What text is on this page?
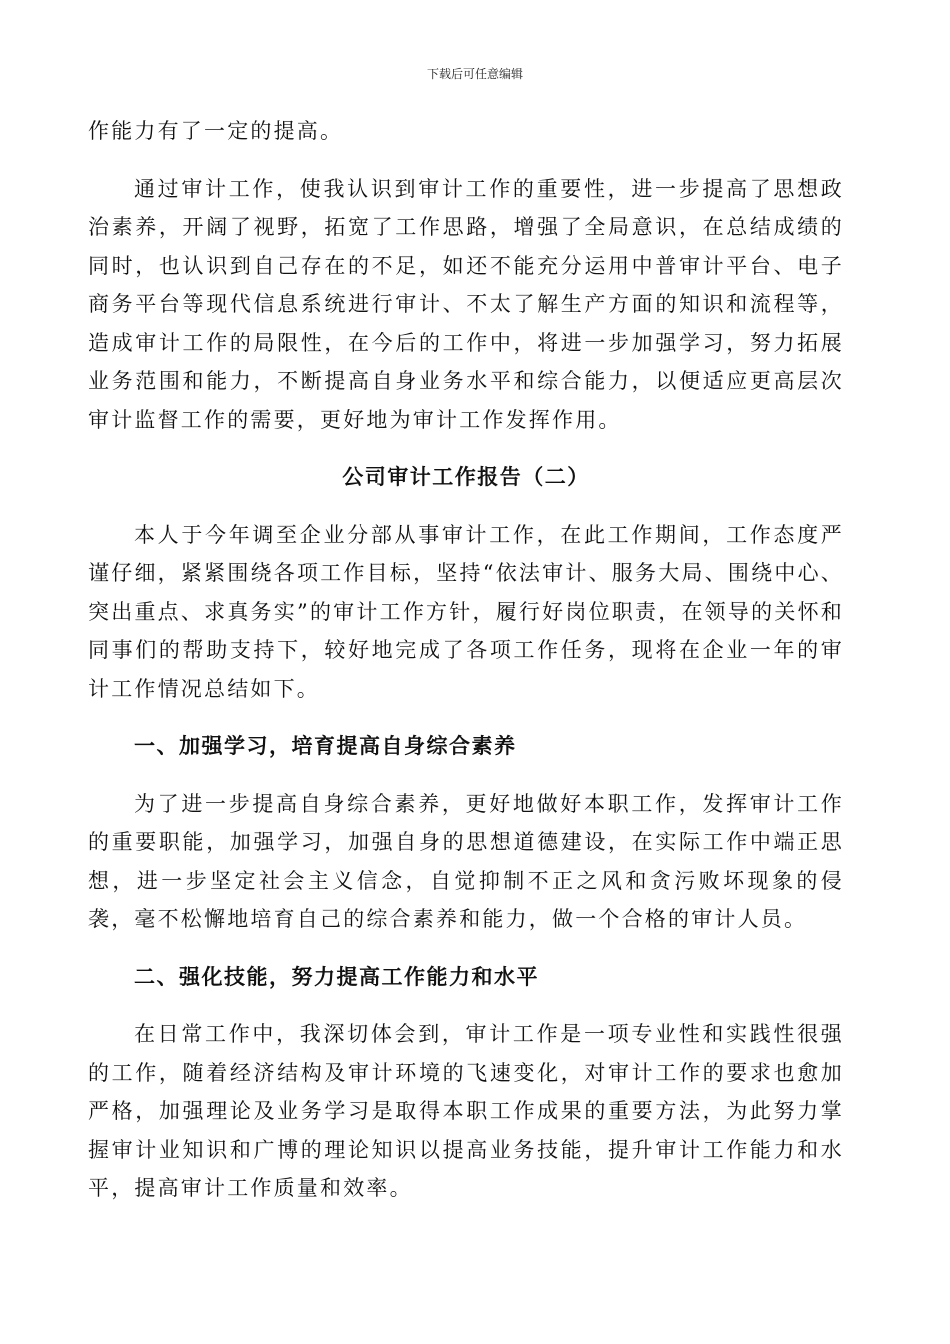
下载后可任意编辑

作能力有了一定的提高。

通过审计工作，使我认识到审计工作的重要性，进一步提高了思想政治素养，开阔了视野，拓宽了工作思路，增强了全局意识，在总结成绩的同时，也认识到自己存在的不足，如还不能充分运用中普审计平台、电子商务平台等现代信息系统进行审计、不太了解生产方面的知识和流程等，造成审计工作的局限性，在今后的工作中，将进一步加强学习，努力拓展业务范围和能力，不断提高自身业务水平和综合能力，以便适应更高层次审计监督工作的需要，更好地为审计工作发挥作用。

公司审计工作报告（二）

本人于今年调至企业分部从事审计工作，在此工作期间，工作态度严谨仔细，紧紧围绕各项工作目标，坚持“依法审计、服务大局、围绕中心、突出重点、求真务实”的审计工作方针，履行好岗位职责，在领导的关怀和同事们的帮助支持下，较好地完成了各项工作任务，现将在企业一年的审计工作情况总结如下。

一、加强学习，培育提高自身综合素养

为了进一步提高自身综合素养，更好地做好本职工作，发挥审计工作的重要职能，加强学习，加强自身的思想道德建设，在实际工作中端正思想，进一步坚定社会主义信念，自觉抑制不正之风和贪污败坏现象的侵袭，毫不松懈地培育自己的综合素养和能力，做一个合格的审计人员。

二、强化技能，努力提高工作能力和水平

在日常工作中，我深切体会到，审计工作是一项专业性和实践性很强的工作，随着经济结构及审计环境的飞速变化，对审计工作的要求也愈加严格，加强理论及业务学习是取得本职工作成果的重要方法，为此努力掌握审计业知识和广博的理论知识以提高业务技能，提升审计工作能力和水平，提高审计工作质量和效率。
